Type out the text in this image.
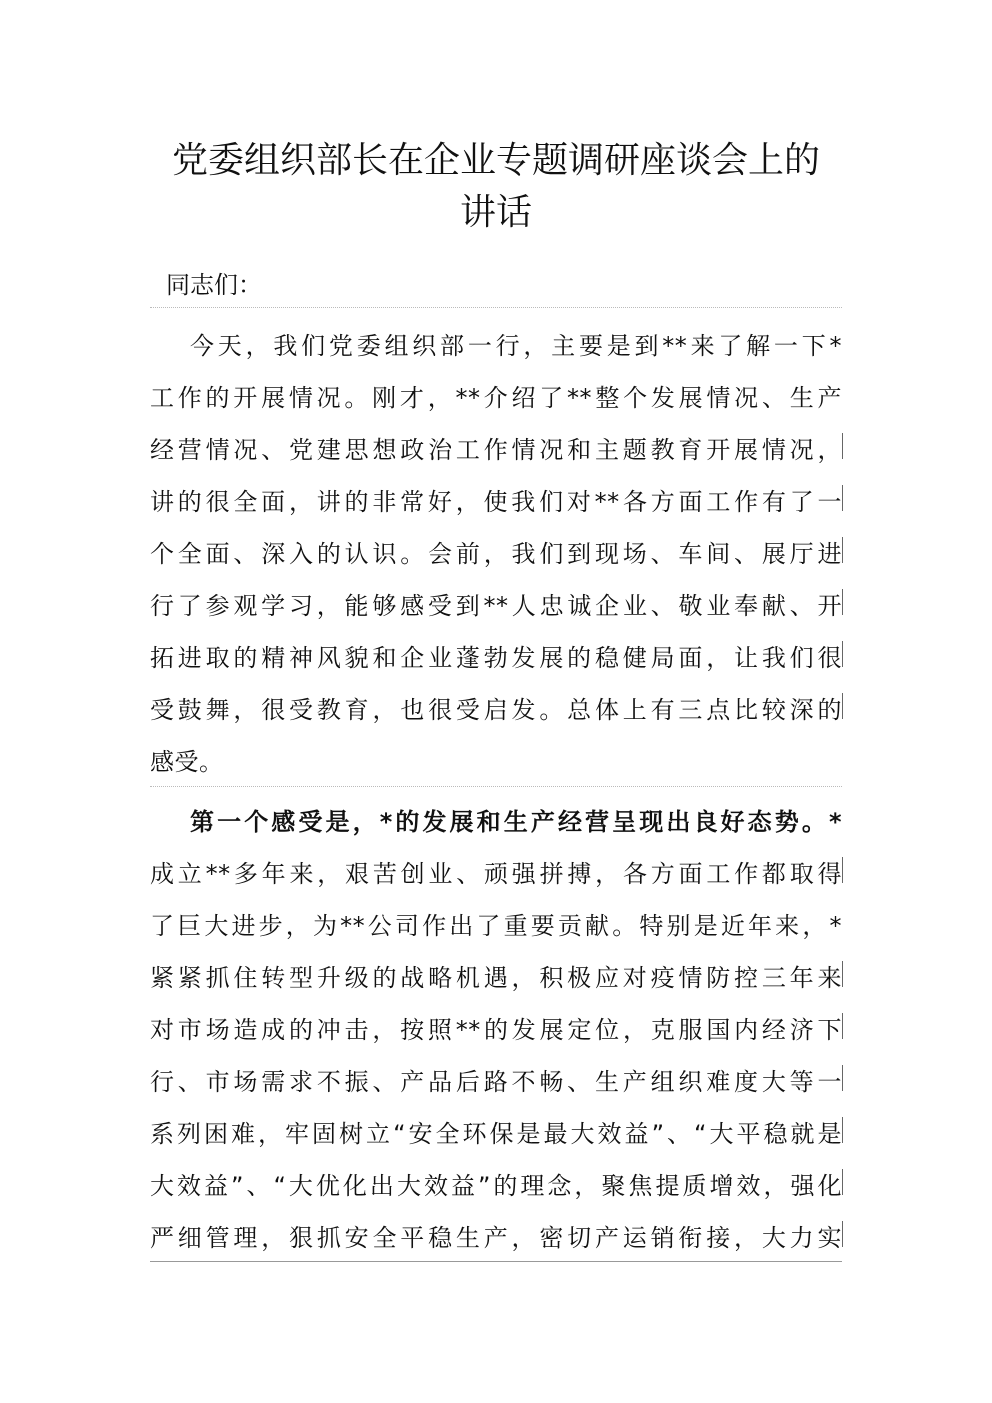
党委组织部长在企业专题调研座谈会上的
讲话
同志们：
今天，我们党委组织部一行，主要是到**来了解一下*
工作的开展情况。刚才，**介绍了**整个发展情况、生产
经营情况、党建思想政治工作情况和主题教育开展情况，
讲的很全面，讲的非常好，使我们对**各方面工作有了一
个全面、深入的认识。会前，我们到现场、车间、展厅进
行了参观学习，能够感受到**人忠诚企业、敬业奉献、开
拓进取的精神风貌和企业蓬勃发展的稳健局面，让我们很
受鼓舞，很受教育，也很受启发。总体上有三点比较深的
感受。
第一个感受是，*的发展和生产经营呈现出良好态势。*
成立**多年来，艰苦创业、顽强拼搏，各方面工作都取得
了巨大进步，为**公司作出了重要贡献。特别是近年来，*
紧紧抓住转型升级的战略机遇，积极应对疫情防控三年来
对市场造成的冲击，按照**的发展定位，克服国内经济下
行、市场需求不振、产品后路不畅、生产组织难度大等一
系列困难，牢固树立“安全环保是最大效益”、“大平稳就是
大效益”、“大优化出大效益”的理念，聚焦提质增效，强化
严细管理，狠抓安全平稳生产，密切产运销衔接，大力实
